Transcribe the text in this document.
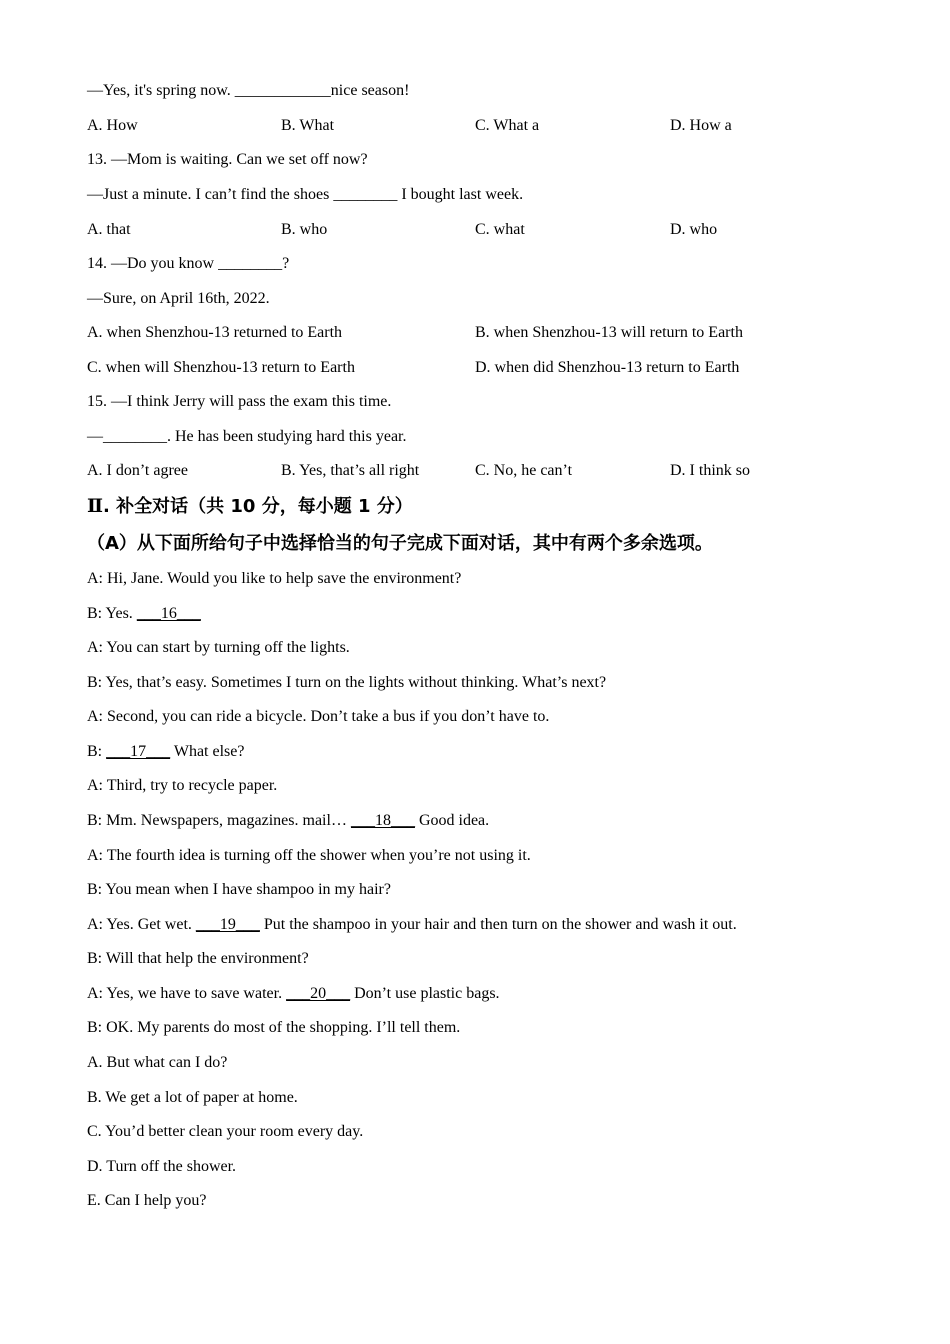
—Yes, it's spring now. ____________nice season!
A. How	B. What	C. What a	D. How a
13. —Mom is waiting. Can we set off now?
—Just a minute. I can’t find the shoes ________ I bought last week.
A. that	B. who	C. what	D. who
14. —Do you know ________?
—Sure, on April 16th, 2022.
A. when Shenzhou-13 returned to Earth	B. when Shenzhou-13 will return to Earth
C. when will Shenzhou-13 return to Earth	D. when did Shenzhou-13 return to Earth
15. —I think Jerry will pass the exam this time.
—________. He has been studying hard this year.
A. I don’t agree	B. Yes, that’s all right	C. No, he can’t	D. I think so
Ⅱ. 补全对话（共 10 分，每小题 1 分）
（A）从下面所给句子中选择恰当的句子完成下面对话，其中有两个多余选项。
A: Hi, Jane. Would you like to help save the environment?
B: Yes. ___16___
A: You can start by turning off the lights.
B: Yes, that’s easy. Sometimes I turn on the lights without thinking. What’s next?
A: Second, you can ride a bicycle. Don’t take a bus if you don’t have to.
B: ___17___ What else?
A: Third, try to recycle paper.
B: Mm. Newspapers, magazines. mail… ___18___ Good idea.
A: The fourth idea is turning off the shower when you’re not using it.
B: You mean when I have shampoo in my hair?
A: Yes. Get wet. ___19___ Put the shampoo in your hair and then turn on the shower and wash it out.
B: Will that help the environment?
A: Yes, we have to save water. ___20___ Don’t use plastic bags.
B: OK. My parents do most of the shopping. I’ll tell them.
A. But what can I do?
B. We get a lot of paper at home.
C. You’d better clean your room every day.
D. Turn off the shower.
E. Can I help you?
